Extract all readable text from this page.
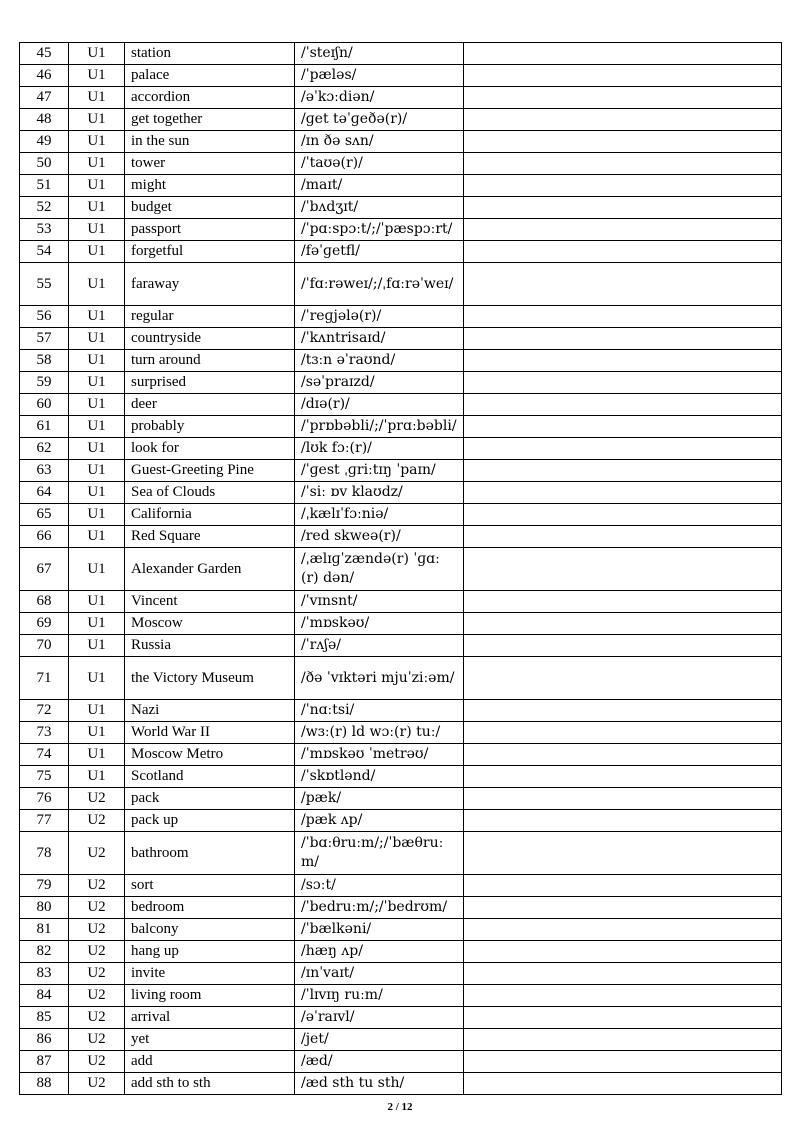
45	U1	station	/ˈsteɪʃn/	
46	U1	palace	/ˈpæləs/	
47	U1	accordion	/əˈkɔːdiən/	
48	U1	get together	/ɡet təˈɡeðə(r)/	
49	U1	in the sun	/ɪn ðə sʌn/	
50	U1	tower	/ˈtaʊə(r)/	
51	U1	might	/maɪt/	
52	U1	budget	/ˈbʌdʒɪt/	
53	U1	passport	/ˈpɑːspɔːt/;/ˈpæspɔːrt/	
54	U1	forgetful	/fəˈɡetfl/	
55	U1	faraway	/ˈfɑːrəweɪ/;/ˌfɑːrəˈweɪ/	
56	U1	regular	/ˈreɡjələ(r)/	
57	U1	countryside	/ˈkʌntrisaɪd/	
58	U1	turn around	/tɜːn əˈraʊnd/	
59	U1	surprised	/səˈpraɪzd/	
60	U1	deer	/dɪə(r)/	
61	U1	probably	/ˈprɒbəbli/;/ˈprɑːbəbli/	
62	U1	look for	/lʊk fɔː(r)/	
63	U1	Guest-Greeting Pine	/ˈɡest ˌɡriːtɪŋ ˈpaɪn/	
64	U1	Sea of Clouds	/ˈsiː ɒv klaʊdz/	
65	U1	California	/ˌkælɪˈfɔːniə/	
66	U1	Red Square	/red skweə(r)/	
67	U1	Alexander Garden	/ˌælɪɡˈzændə(r) ˈɡɑː(r) dən/	
68	U1	Vincent	/ˈvɪnsnt/	
69	U1	Moscow	/ˈmɒskəʊ/	
70	U1	Russia	/ˈrʌʃə/	
71	U1	the Victory Museum	/ðə ˈvɪktəri mjuˈziːəm/	
72	U1	Nazi	/ˈnɑːtsi/	
73	U1	World War II	/wɜː(r) ld wɔː(r) tuː/	
74	U1	Moscow Metro	/ˈmɒskəʊ ˈmetrəʊ/	
75	U1	Scotland	/ˈskɒtlənd/	
76	U2	pack	/pæk/	
77	U2	pack up	/pæk ʌp/	
78	U2	bathroom	/ˈbɑːθruːm/;/ˈbæθruːm/	
79	U2	sort	/sɔːt/	
80	U2	bedroom	/ˈbedruːm/;/ˈbedrʊm/	
81	U2	balcony	/ˈbælkəni/	
82	U2	hang up	/hæŋ ʌp/	
83	U2	invite	/ɪnˈvaɪt/	
84	U2	living room	/ˈlɪvɪŋ ruːm/	
85	U2	arrival	/əˈraɪvl/	
86	U2	yet	/jet/	
87	U2	add	/æd/	
88	U2	add sth to sth	/æd sth tu sth/	
2 / 12
